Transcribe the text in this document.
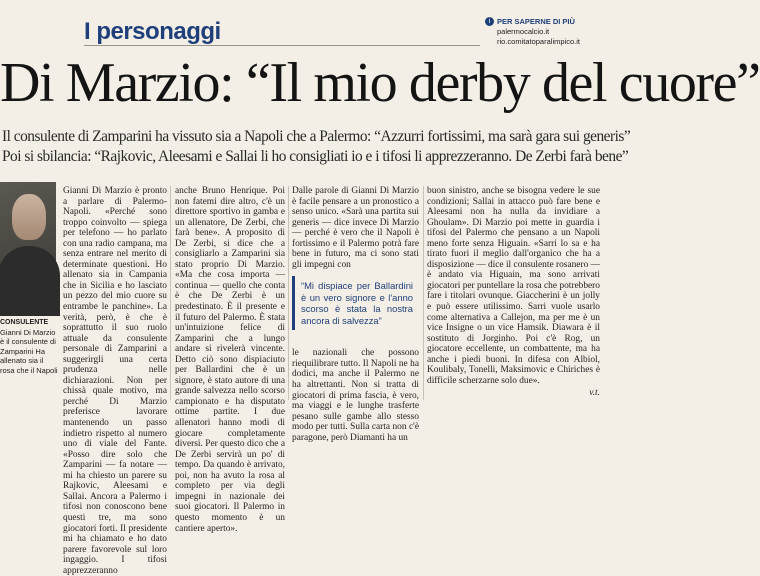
I personaggi	i PER SAPERNE DI PIÙ
palermocalcio.it
rio.comitatoparalimpico.it
Di Marzio: “Il mio derby del cuore”
Il consulente di Zamparini ha vissuto sia a Napoli che a Palermo: “Azzurri fortissimi, ma sarà gara sui generis”
Poi si sbilancia: “Rajkovic, Aleesami e Sallai li ho consigliati io e i tifosi li apprezzeranno. De Zerbi farà bene”
CONSULENTE
Gianni Di Marzio è il consulente di Zamparini Ha allenato sia il rosa che il Napoli

Gianni Di Marzio è pronto a parlare di Palermo-Napoli. «Perché sono troppo coinvolto — spiega per telefono — ho parlato con una radio campana, ma senza entrare nel merito di determinate questioni. Ho allenato sia in Campania che in Sicilia e ho lasciato un pezzo del mio cuore su entrambe le panchine». La verità, però, è che è soprattutto il suo ruolo attuale da consulente personale di Zamparini a suggerirgli una certa prudenza nelle dichiarazioni. Non per chissà quale motivo, ma perché Di Marzio preferisce lavorare mantenendo un passo indietro rispetto al numero uno di viale del Fante. «Posso dire solo che Zamparini — fa notare — mi ha chiesto un parere su Rajkovic, Aleesami e Sallai. Ancora a Palermo i tifosi non conoscono bene questi tre, ma sono giocatori forti. Il presidente mi ha chiamato e ho dato parere favorevole sul loro ingaggio. I tifosi apprezzeranno

anche Bruno Henrique. Poi non fatemi dire altro, c'è un direttore sportivo in gamba e un allenatore, De Zerbi, che farà bene». A proposito di De Zerbi, si dice che a consigliarlo a Zamparini sia stato proprio Di Marzio. «Ma che cosa importa — continua — quello che conta è che De Zerbi è un predestinato. È il presente e il futuro del Palermo. È stata un'intuizione felice di Zamparini che a lungo andare si rivelerà vincente. Detto ciò sono dispiaciuto per Ballardini che è un signore, è stato autore di una grande salvezza nello scorso campionato e ha disputato ottime partite. I due allenatori hanno modi di giocare completamente diversi. Per questo dico che a De Zerbi servirà un po' di tempo. Da quando è arrivato, poi, non ha avuto la rosa al completo per via degli impegni in nazionale dei suoi giocatori. Il Palermo in questo momento è un cantiere aperto».

Dalle parole di Gianni Di Marzio è facile pensare a un pronostico a senso unico. «Sarà una partita sui generis — dice invece Di Marzio — perché è vero che il Napoli è fortissimo e il Palermo potrà fare bene in futuro, ma ci sono stati gli impegni con

“Mi dispiace per Ballardini è un vero signore e l'anno scorso è stata la nostra ancora di salvezza”

le nazionali che possono riequilibrare tutto. Il Napoli ne ha dodici, ma anche il Palermo ne ha altrettanti. Non si tratta di giocatori di prima fascia, è vero, ma viaggi e le lunghe trasferte pesano sulle gambe allo stesso modo per tutti. Sulla carta non c'è paragone, però Diamanti ha un

buon sinistro, anche se bisogna vedere le sue condizioni; Sallai in attacco può fare bene e Aleesami non ha nulla da invidiare a Ghoulam». Di Marzio poi mette in guardia i tifosi del Palermo che pensano a un Napoli meno forte senza Higuain. «Sarri lo sa e ha tirato fuori il meglio dall'organico che ha a disposizione — dice il consulente rosanero — è andato via Higuain, ma sono arrivati giocatori per puntellare la rosa che potrebbero fare i titolari ovunque. Giaccherini è un jolly e può essere utilissimo. Sarri vuole usarlo come alternativa a Callejon, ma per me è un vice Insigne o un vice Hamsik. Diawara è il sostituto di Jorginho. Poi c'è Rog, un giocatore eccellente, un combattente, ma ha anche i piedi buoni. In difesa con Albiol, Koulibaly, Tonelli, Maksimovic e Chiriches è difficile scherzarne solo due».

v.t.
